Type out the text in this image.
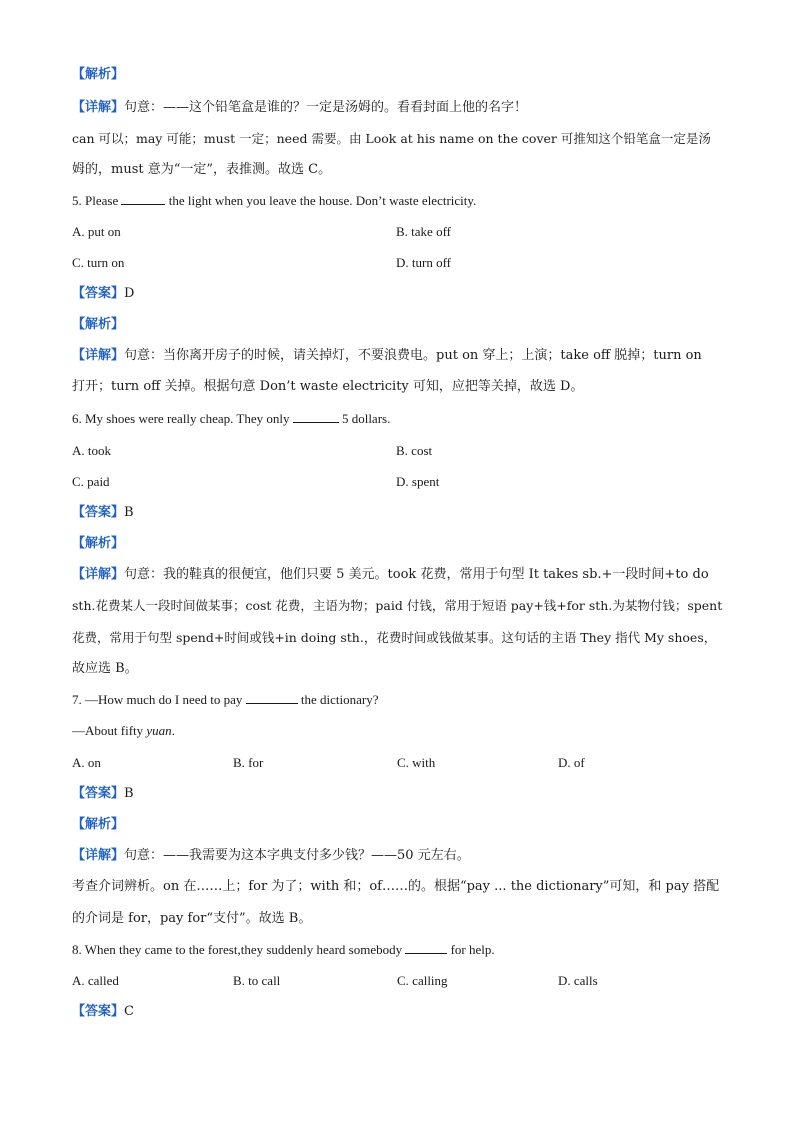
【解析】
【详解】句意：——这个铅笔盒是谁的？一定是汤姆的。看看封面上他的名字！
can 可以；may 可能；must 一定；need 需要。由 Look at his name on the cover 可推知这个铅笔盒一定是汤
姆的，must 意为“一定”，表推测。故选 C。
5. Please	the light when you leave the house. Don’t waste electricity.
A. put on	B. take off
C. turn on	D. turn off
【答案】D
【解析】
【详解】句意：当你离开房子的时候，请关掉灯，不要浪费电。put on 穿上；上演；take off 脱掉；turn on
打开；turn off 关掉。根据句意 Don’t waste electricity 可知，应把等关掉，故选 D。
6. My shoes were really cheap. They only	5 dollars.
A. took	B. cost
C. paid	D. spent
【答案】B
【解析】
【详解】句意：我的鞋真的很便宜，他们只要 5 美元。took 花费，常用于句型 It takes sb.+一段时间+to do
sth.花费某人一段时间做某事；cost 花费，主语为物；paid 付钱，常用于短语 pay+钱+for sth.为某物付钱；spent
花费，常用于句型 spend+时间或钱+in doing sth.，花费时间或钱做某事。这句话的主语 They 指代 My shoes，
故应选 B。
7. —How much do I need to pay	the dictionary?
—About fifty yuan.
A. on	B. for	C. with	D. of
【答案】B
【解析】
【详解】句意：——我需要为这本字典支付多少钱？——50 元左右。
考查介词辨析。on 在……上；for 为了；with 和；of……的。根据“pay ... the dictionary”可知，和 pay 搭配
的介词是 for，pay for“支付”。故选 B。
8. When they came to the forest,they suddenly heard somebody	for help.
A. called	B. to call	C. calling	D. calls
【答案】C
